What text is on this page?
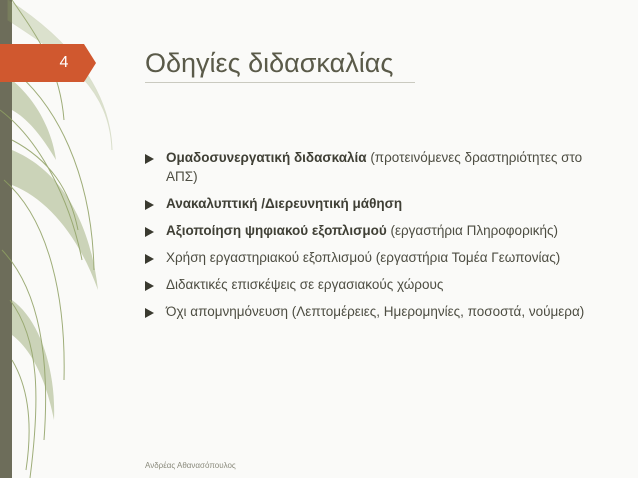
4	Οδηγίες διδασκαλίας
Ομαδοσυνεργατική διδασκαλία (προτεινόμενες δραστηριότητες στο ΑΠΣ)
Ανακαλυπτική /Διερευνητική μάθηση
Αξιοποίηση ψηφιακού εξοπλισμού (εργαστήρια Πληροφορικής)
Χρήση εργαστηριακού εξοπλισμού (εργαστήρια Τομέα Γεωπονίας)
Διδακτικές επισκέψεις σε εργασιακούς χώρους
Όχι απομνημόνευση (Λεπτομέρειες, Ημερομηνίες, ποσοστά, νούμερα)
Ανδρέας Αθανασόπουλος
